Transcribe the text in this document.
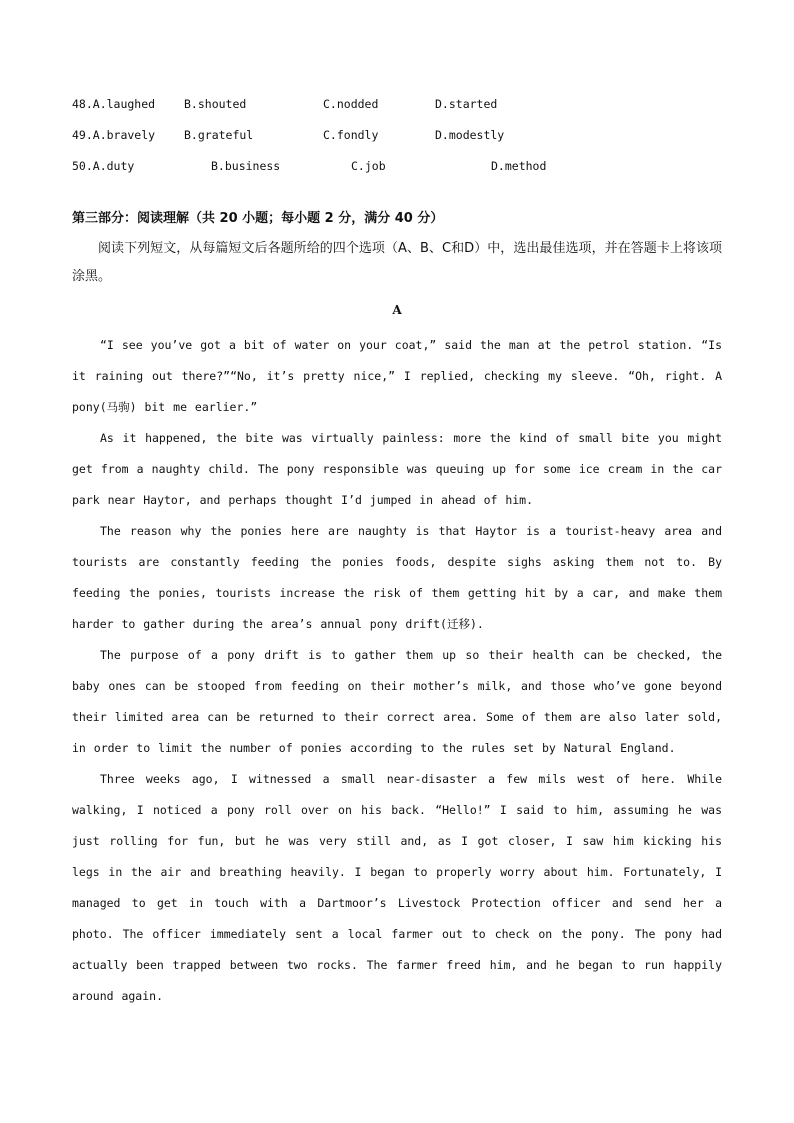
48.A.laughed	B.shouted	C.nodded	D.started
49.A.bravely	B.grateful	C.fondly	D.modestly
50.A.duty	B.business	C.job	D.method
第三部分：阅读理解（共 20 小题；每小题 2 分，满分 40 分）
阅读下列短文，从每篇短文后各题所给的四个选项（A、B、C和D）中，选出最佳选项，并在答题卡上将该项涂黑。
A

“I see you’ve got a bit of water on your coat,” said the man at the petrol station. “Is it raining out there?”“No, it’s pretty nice,” I replied, checking my sleeve. “Oh, right. A pony(马驹) bit me earlier.”

As it happened, the bite was virtually painless: more the kind of small bite you might get from a naughty child. The pony responsible was queuing up for some ice cream in the car park near Haytor, and perhaps thought I’d jumped in ahead of him.

The reason why the ponies here are naughty is that Haytor is a tourist-heavy area and tourists are constantly feeding the ponies foods, despite sighs asking them not to. By feeding the ponies, tourists increase the risk of them getting hit by a car, and make them harder to gather during the area’s annual pony drift(迁移).

The purpose of a pony drift is to gather them up so their health can be checked, the baby ones can be stooped from feeding on their mother’s milk, and those who’ve gone beyond their limited area can be returned to their correct area. Some of them are also later sold, in order to limit the number of ponies according to the rules set by Natural England.

Three weeks ago, I witnessed a small near-disaster a few mils west of here. While walking, I noticed a pony roll over on his back. “Hello!” I said to him, assuming he was just rolling for fun, but he was very still and, as I got closer, I saw him kicking his legs in the air and breathing heavily. I began to properly worry about him. Fortunately, I managed to get in touch with a Dartmoor’s Livestock Protection officer and send her a photo. The officer immediately sent a local farmer out to check on the pony. The pony had actually been trapped between two rocks. The farmer freed him, and he began to run happily around again.
